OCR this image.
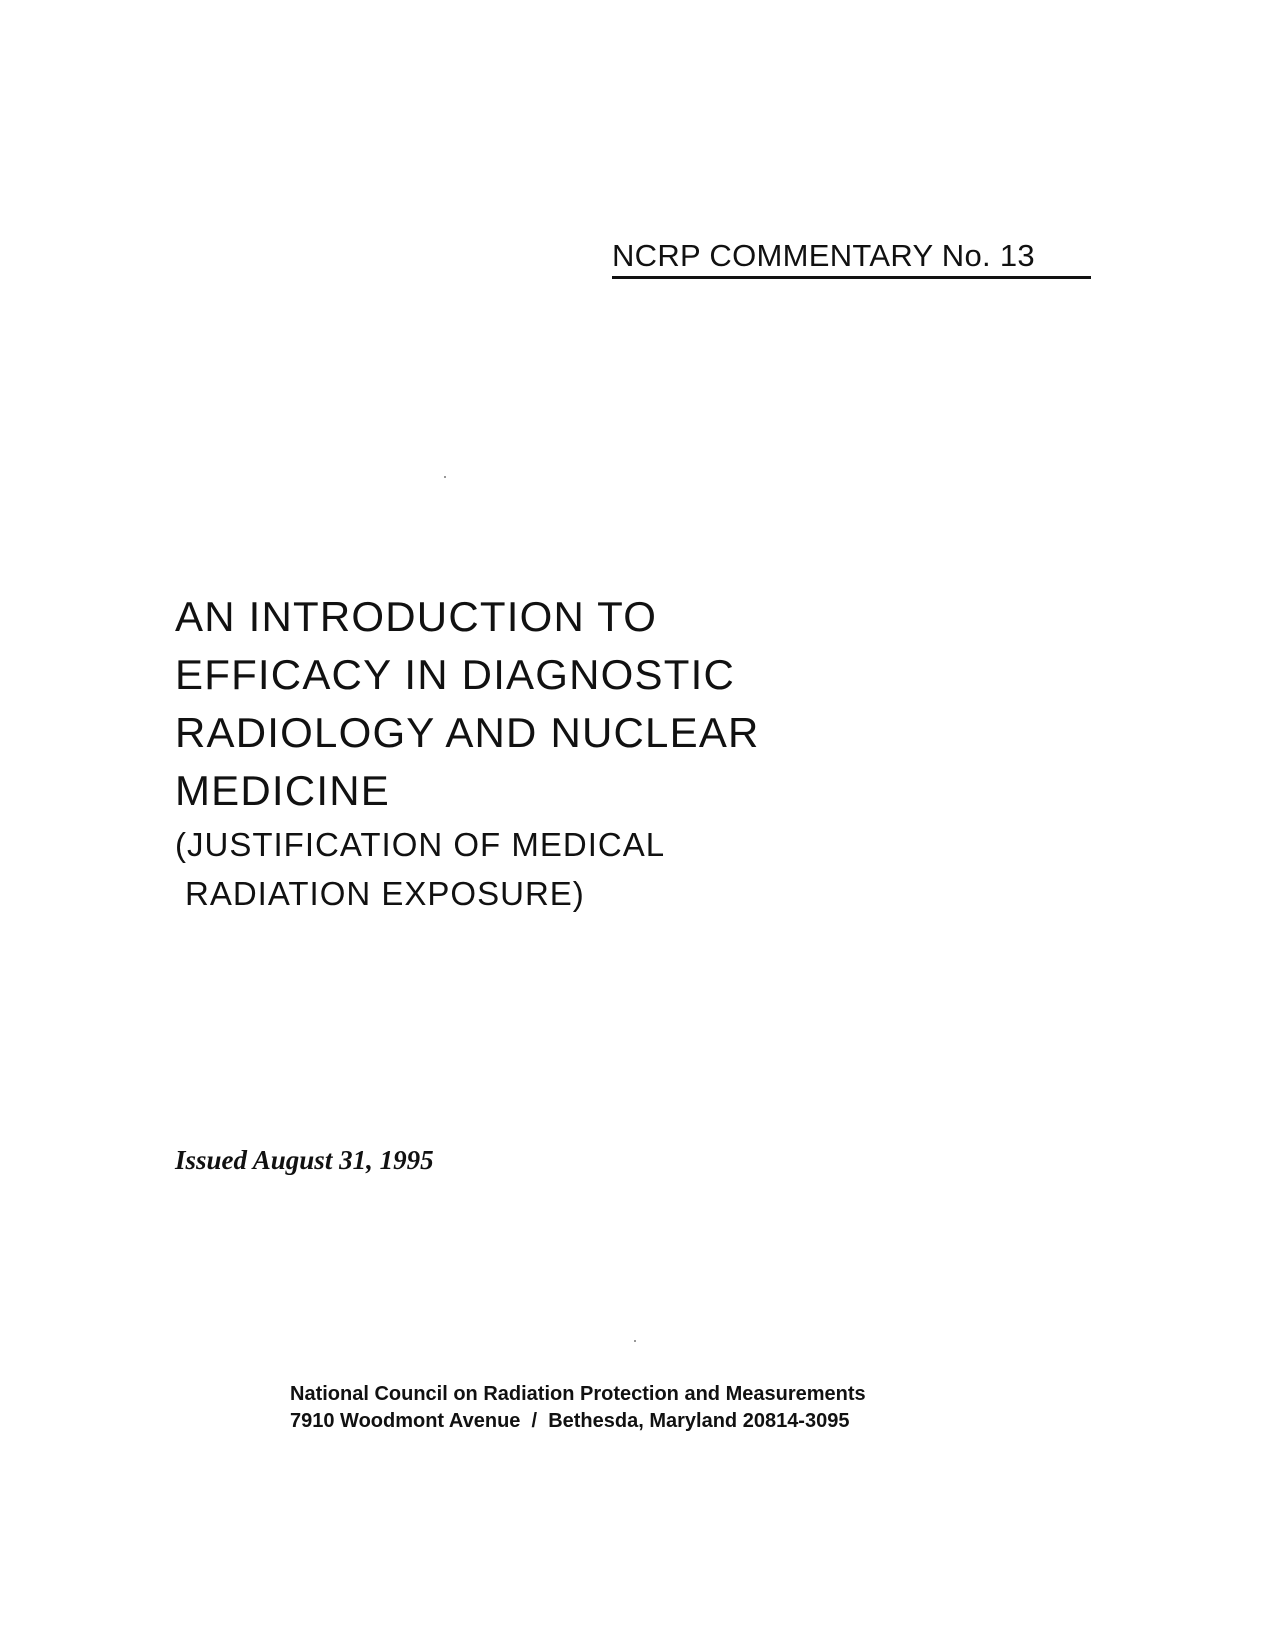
NCRP COMMENTARY No. 13
AN INTRODUCTION TO
EFFICACY IN DIAGNOSTIC
RADIOLOGY AND NUCLEAR
MEDICINE
(JUSTIFICATION OF MEDICAL
RADIATION EXPOSURE)
Issued August 31, 1995
National Council on Radiation Protection and Measurements
7910 Woodmont Avenue  /  Bethesda, Maryland 20814-3095
